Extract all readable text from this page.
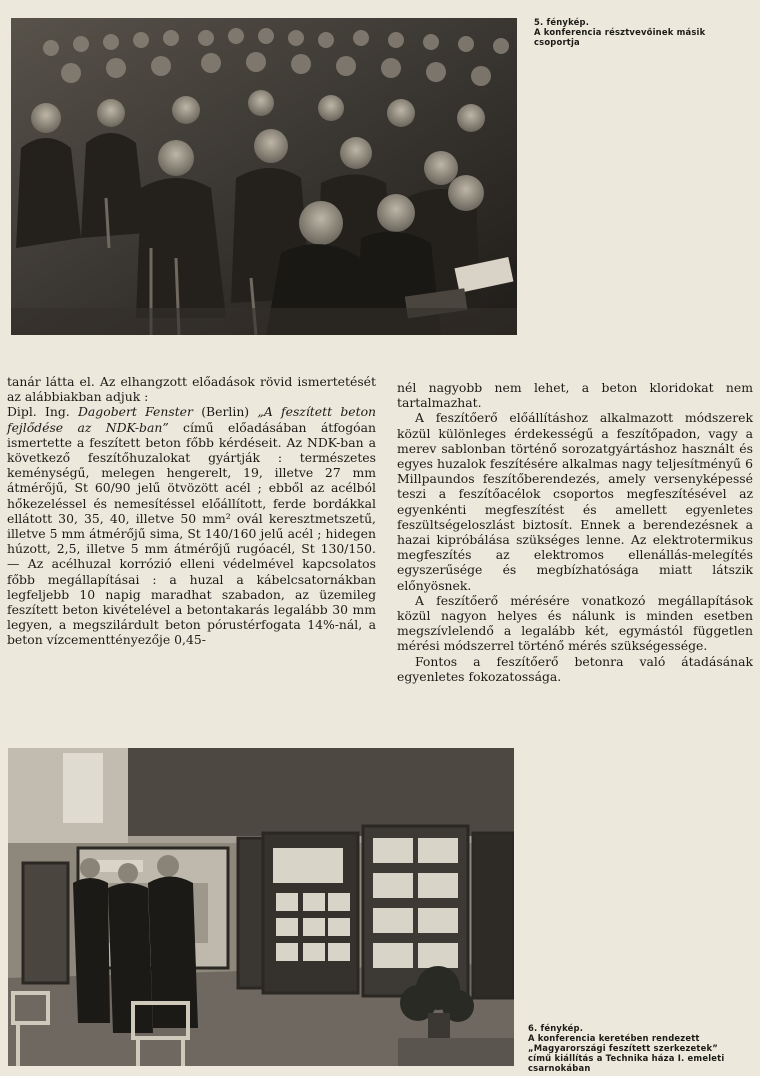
5. fénykép.
A konferencia résztvevőinek másik
csoportja

tanár látta el. Az elhangzott előadások rövid ismertetését az alábbiakban adjuk :

Dipl. Ing. Dagobert Fenster (Berlin) „A feszített beton fejlődése az NDK-ban” című előadásában átfogóan ismertette a feszített beton főbb kérdéseit. Az NDK-ban a következő feszítőhuzalokat gyártják : természetes keménységű, melegen hengerelt, 19, illetve 27 mm átmérőjű, St 60/90 jelű ötvözött acél ; ebből az acélból hőkezeléssel és nemesítéssel előállított, ferde bordákkal ellátott 30, 35, 40, illetve 50 mm² ovál keresztmetszetű, illetve 5 mm átmérőjű sima, St 140/160 jelű acél ; hidegen húzott, 2,5, illetve 5 mm átmérőjű rugóacél, St 130/150. — Az acélhuzal korrózió elleni védelmével kapcsolatos főbb megállapításai : a huzal a kábelcsatornákban legfeljebb 10 napig maradhat szabadon, az üzemileg feszített beton kivételével a betontakarás legalább 30 mm legyen, a megszilárdult beton pórustérfogata 14%-nál, a beton vízcementtényezője 0,45-

nél nagyobb nem lehet, a beton kloridokat nem tartalmazhat.

A feszítőerő előállításhoz alkalmazott módszerek közül különleges érdekességű a feszítőpadon, vagy a merev sablonban történő sorozatgyártáshoz használt és egyes huzalok feszítésére alkalmas nagy teljesítményű 6 Millpaundos feszítőberendezés, amely versenyképessé teszi a feszítőacélok csoportos megfeszítésével az egyenkénti megfeszítést és amellett egyenletes feszültségeloszlást biztosít. Ennek a berendezésnek a hazai kipróbálása szükséges lenne. Az elektrotermikus megfeszítés az elektromos ellenállás-melegítés egyszerűsége és megbízhatósága miatt látszik előnyösnek.

A feszítőerő mérésére vonatkozó megállapítások közül nagyon helyes és nálunk is minden esetben megszívlelendő a legalább két, egymástól független mérési módszerrel történő mérés szükségessége.

Fontos a feszítőerő betonra való átadásának egyenletes fokozatossága.

6. fénykép.
A konferencia keretében rendezett
„Magyarországi feszített szerkezetek”
című kiállítás a Technika háza I. emeleti
csarnokában
